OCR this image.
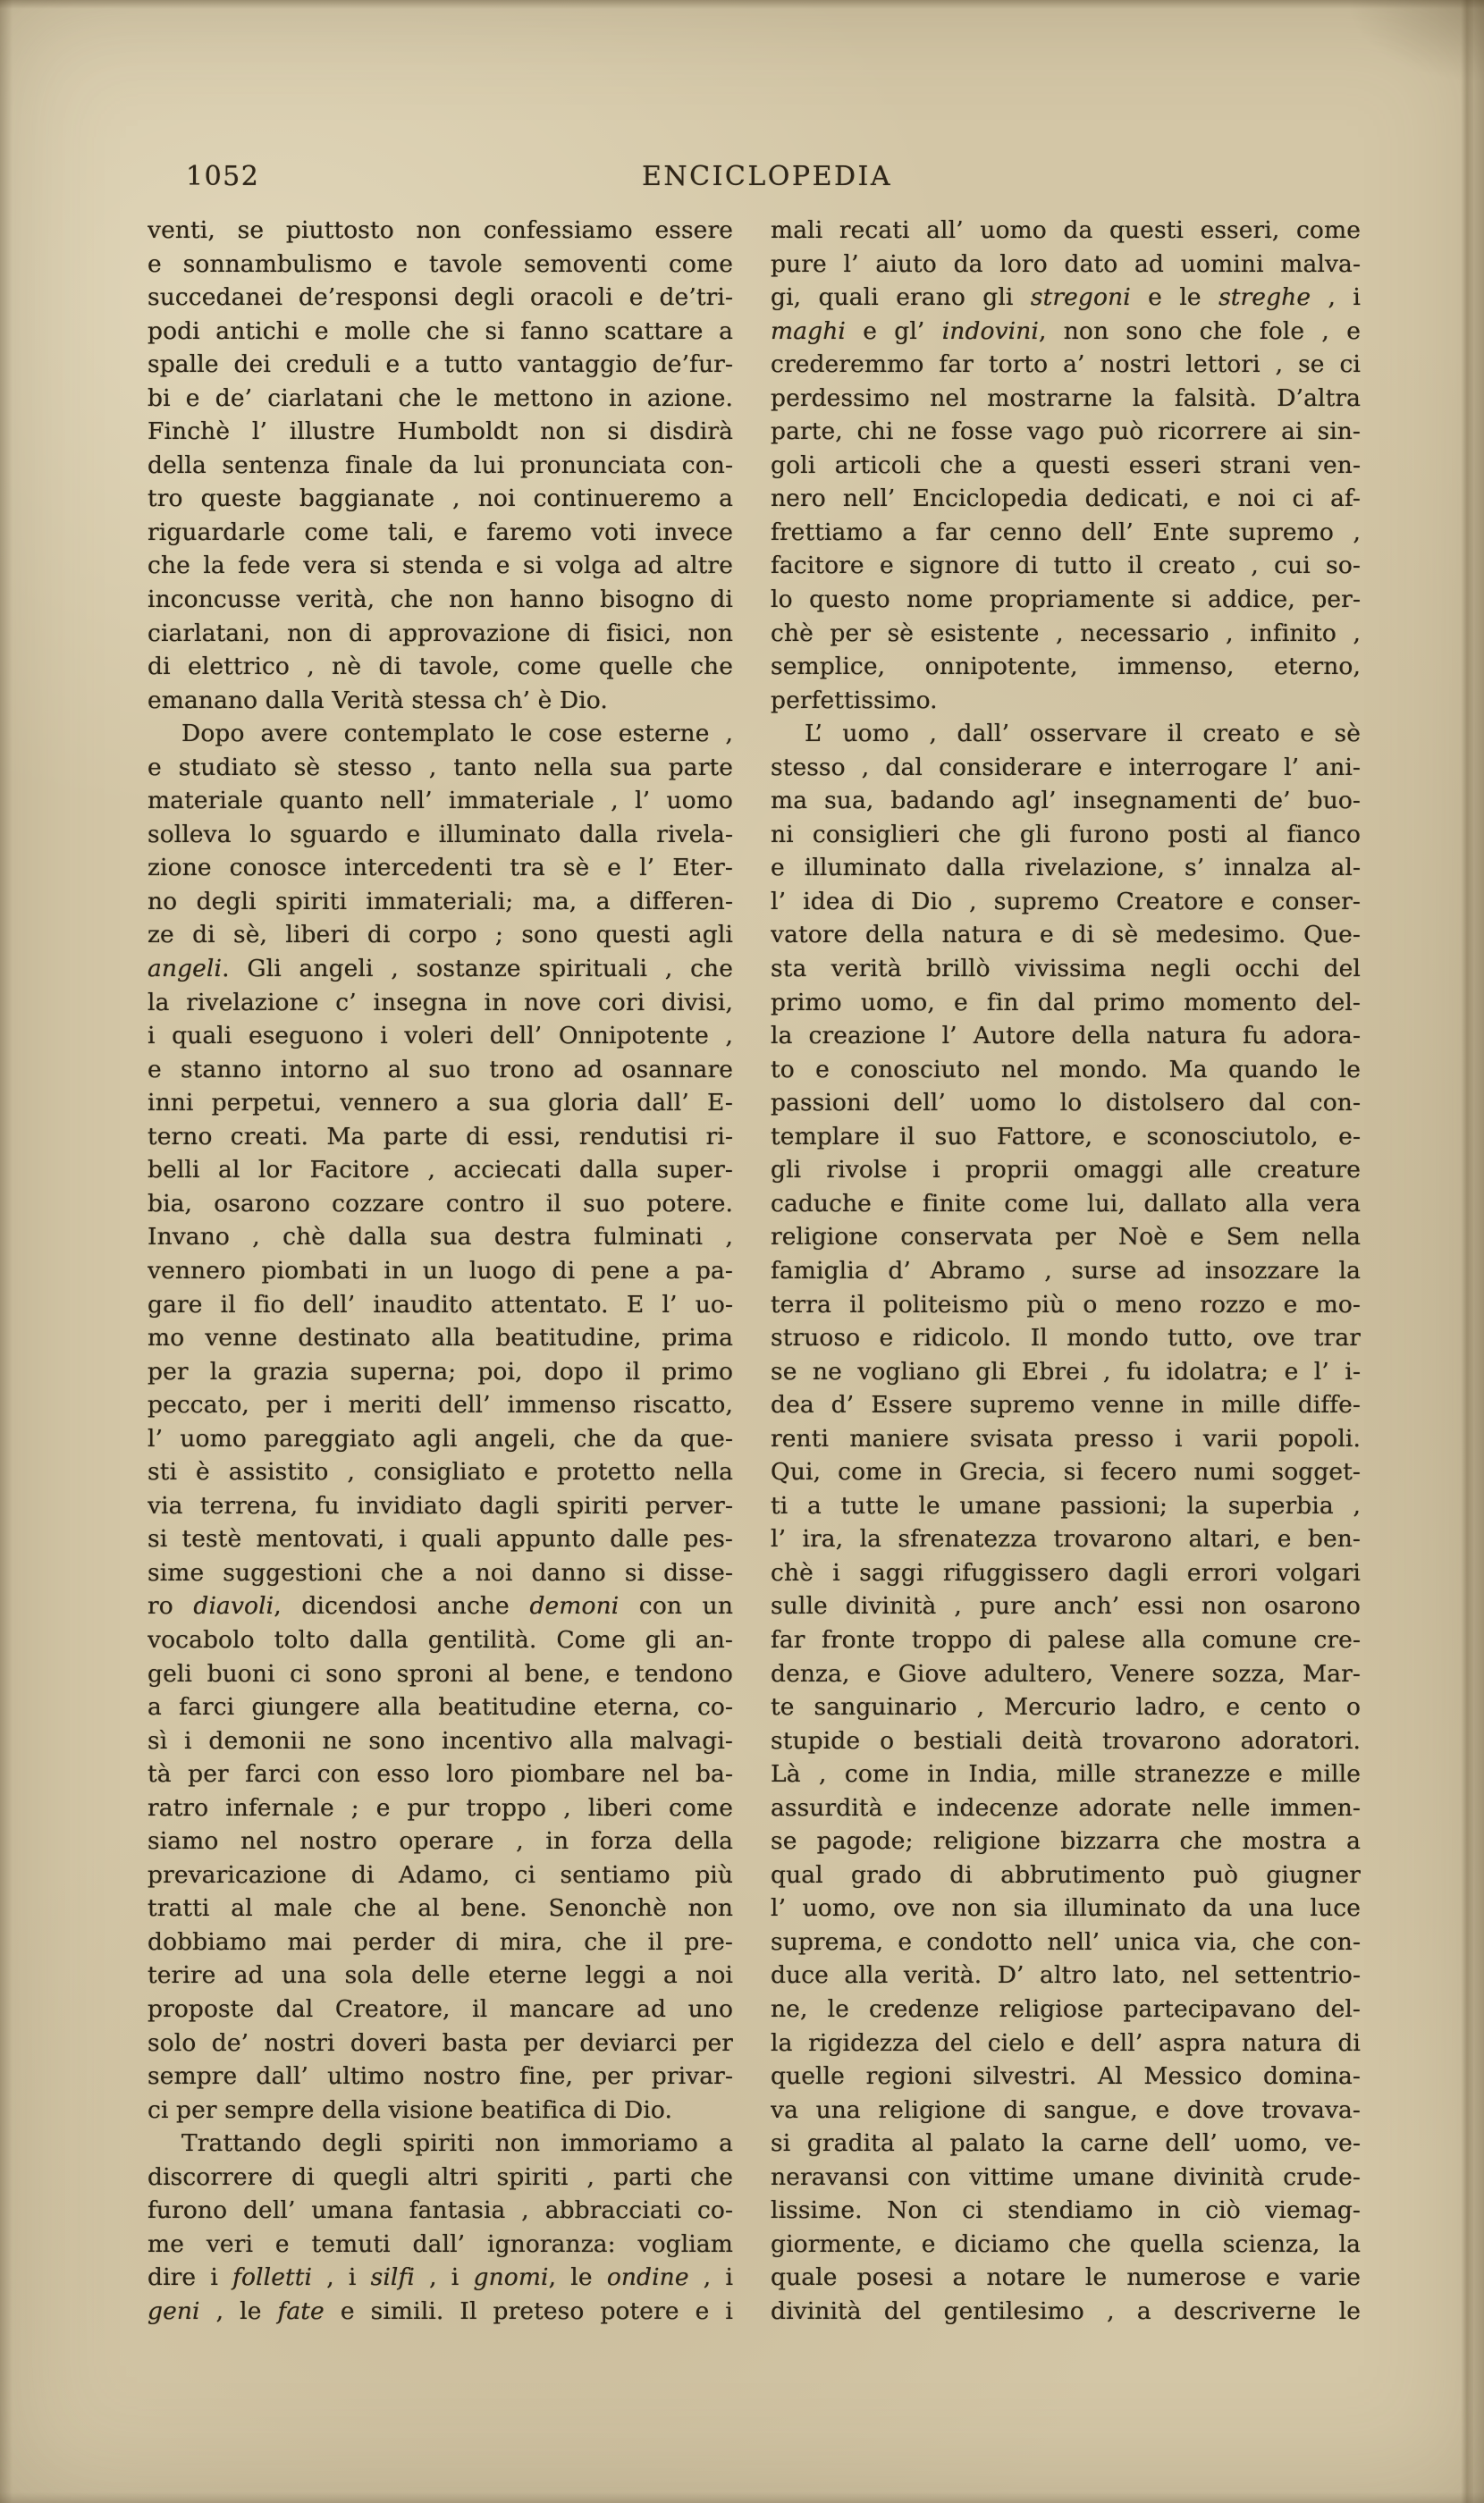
1052	ENCICLOPEDIA
venti, se piuttosto non confessiamo essere
e sonnambulismo e tavole semoventi come
succedanei de’responsi degli oracoli e de’tri-
podi antichi e molle che si fanno scattare a
spalle dei creduli e a tutto vantaggio de’fur-
bi e de’ ciarlatani che le mettono in azione.
Finchè l’ illustre Humboldt non si disdirà
della sentenza finale da lui pronunciata con-
tro queste baggianate , noi continueremo a
riguardarle come tali, e faremo voti invece
che la fede vera si stenda e si volga ad altre
inconcusse verità, che non hanno bisogno di
ciarlatani, non di approvazione di fisici, non
di elettrico , nè di tavole, come quelle che
emanano dalla Verità stessa ch’ è Dio.
Dopo avere contemplato le cose esterne ,
e studiato sè stesso , tanto nella sua parte
materiale quanto nell’ immateriale , l’ uomo
solleva lo sguardo e illuminato dalla rivela-
zione conosce intercedenti tra sè e l’ Eter-
no degli spiriti immateriali; ma, a differen-
ze di sè, liberi di corpo ; sono questi agli
angeli. Gli angeli , sostanze spirituali , che
la rivelazione c’ insegna in nove cori divisi,
i quali eseguono i voleri dell’ Onnipotente ,
e stanno intorno al suo trono ad osannare
inni perpetui, vennero a sua gloria dall’ E-
terno creati. Ma parte di essi, rendutisi ri-
belli al lor Facitore , acciecati dalla super-
bia, osarono cozzare contro il suo potere.
Invano , chè dalla sua destra fulminati ,
vennero piombati in un luogo di pene a pa-
gare il fio dell’ inaudito attentato. E l’ uo-
mo venne destinato alla beatitudine, prima
per la grazia superna; poi, dopo il primo
peccato, per i meriti dell’ immenso riscatto,
l’ uomo pareggiato agli angeli, che da que-
sti è assistito , consigliato e protetto nella
via terrena, fu invidiato dagli spiriti perver-
si testè mentovati, i quali appunto dalle pes-
sime suggestioni che a noi danno si disse-
ro diavoli, dicendosi anche demoni con un
vocabolo tolto dalla gentilità. Come gli an-
geli buoni ci sono sproni al bene, e tendono
a farci giungere alla beatitudine eterna, co-
sì i demonii ne sono incentivo alla malvagi-
tà per farci con esso loro piombare nel ba-
ratro infernale ; e pur troppo , liberi come
siamo nel nostro operare , in forza della
prevaricazione di Adamo, ci sentiamo più
tratti al male che al bene. Senonchè non
dobbiamo mai perder di mira, che il pre-
terire ad una sola delle eterne leggi a noi
proposte dal Creatore, il mancare ad uno
solo de’ nostri doveri basta per deviarci per
sempre dall’ ultimo nostro fine, per privar-
ci per sempre della visione beatifica di Dio.
Trattando degli spiriti non immoriamo a
discorrere di quegli altri spiriti , parti che
furono dell’ umana fantasia , abbracciati co-
me veri e temuti dall’ ignoranza: vogliam
dire i folletti , i silfi , i gnomi, le ondine , i
geni , le fate e simili. Il preteso potere e i
mali recati all’ uomo da questi esseri, come
pure l’ aiuto da loro dato ad uomini malva-
gi, quali erano gli stregoni e le streghe , i
maghi e gl’ indovini, non sono che fole , e
crederemmo far torto a’ nostri lettori , se ci
perdessimo nel mostrarne la falsità. D’altra
parte, chi ne fosse vago può ricorrere ai sin-
goli articoli che a questi esseri strani ven-
nero nell’ Enciclopedia dedicati, e noi ci af-
frettiamo a far cenno dell’ Ente supremo ,
facitore e signore di tutto il creato , cui so-
lo questo nome propriamente si addice, per-
chè per sè esistente , necessario , infinito ,
semplice, onnipotente, immenso, eterno,
perfettissimo.
L’ uomo , dall’ osservare il creato e sè
stesso , dal considerare e interrogare l’ ani-
ma sua, badando agl’ insegnamenti de’ buo-
ni consiglieri che gli furono posti al fianco
e illuminato dalla rivelazione, s’ innalza al-
l’ idea di Dio , supremo Creatore e conser-
vatore della natura e di sè medesimo. Que-
sta verità brillò vivissima negli occhi del
primo uomo, e fin dal primo momento del-
la creazione l’ Autore della natura fu adora-
to e conosciuto nel mondo. Ma quando le
passioni dell’ uomo lo distolsero dal con-
templare il suo Fattore, e sconosciutolo, e-
gli rivolse i proprii omaggi alle creature
caduche e finite come lui, dallato alla vera
religione conservata per Noè e Sem nella
famiglia d’ Abramo , surse ad insozzare la
terra il politeismo più o meno rozzo e mo-
struoso e ridicolo. Il mondo tutto, ove trar
se ne vogliano gli Ebrei , fu idolatra; e l’ i-
dea d’ Essere supremo venne in mille diffe-
renti maniere svisata presso i varii popoli.
Qui, come in Grecia, si fecero numi sogget-
ti a tutte le umane passioni; la superbia ,
l’ ira, la sfrenatezza trovarono altari, e ben-
chè i saggi rifuggissero dagli errori volgari
sulle divinità , pure anch’ essi non osarono
far fronte troppo di palese alla comune cre-
denza, e Giove adultero, Venere sozza, Mar-
te sanguinario , Mercurio ladro, e cento o
stupide o bestiali deità trovarono adoratori.
Là , come in India, mille stranezze e mille
assurdità e indecenze adorate nelle immen-
se pagode; religione bizzarra che mostra a
qual grado di abbrutimento può giugner
l’ uomo, ove non sia illuminato da una luce
suprema, e condotto nell’ unica via, che con-
duce alla verità. D’ altro lato, nel settentrio-
ne, le credenze religiose partecipavano del-
la rigidezza del cielo e dell’ aspra natura di
quelle regioni silvestri. Al Messico domina-
va una religione di sangue, e dove trovava-
si gradita al palato la carne dell’ uomo, ve-
neravansi con vittime umane divinità crude-
lissime. Non ci stendiamo in ciò viemag-
giormente, e diciamo che quella scienza, la
quale posesi a notare le numerose e varie
divinità del gentilesimo , a descriverne le
